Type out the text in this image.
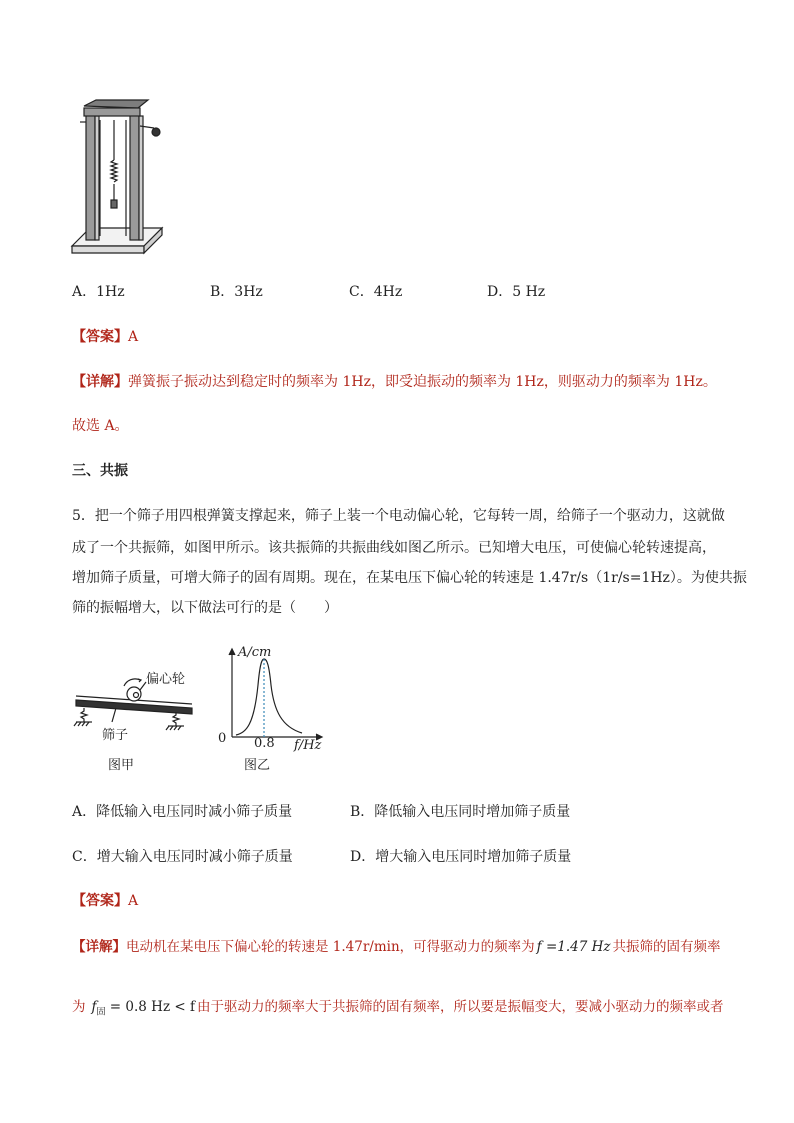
A．1Hz	B．3Hz	C．4Hz	D．5 Hz
【答案】A
【详解】弹簧振子振动达到稳定时的频率为 1Hz，即受迫振动的频率为 1Hz，则驱动力的频率为 1Hz。
故选 A。
三、共振
5．把一个筛子用四根弹簧支撑起来，筛子上装一个电动偏心轮，它每转一周，给筛子一个驱动力，这就做
成了一个共振筛，如图甲所示。该共振筛的共振曲线如图乙所示。已知增大电压，可使偏心轮转速提高，
增加筛子质量，可增大筛子的固有周期。现在，在某电压下偏心轮的转速是 1.47r/s（1r/s=1Hz）。为使共振
筛的振幅增大，以下做法可行的是（　　）
偏心轮
筛子
图甲
A/cm
0 0.8 f/Hz
图乙
A．降低输入电压同时减小筛子质量	B．降低输入电压同时增加筛子质量
C．增大输入电压同时减小筛子质量	D．增大输入电压同时增加筛子质量
【答案】A
【详解】电动机在某电压下偏心轮的转速是 1.47r/min，可得驱动力的频率为 f =1.47 Hz 共振筛的固有频率
为 $f_固 = 0.8$ Hz < f 由于驱动力的频率大于共振筛的固有频率，所以要是振幅变大，要减小驱动力的频率或者
